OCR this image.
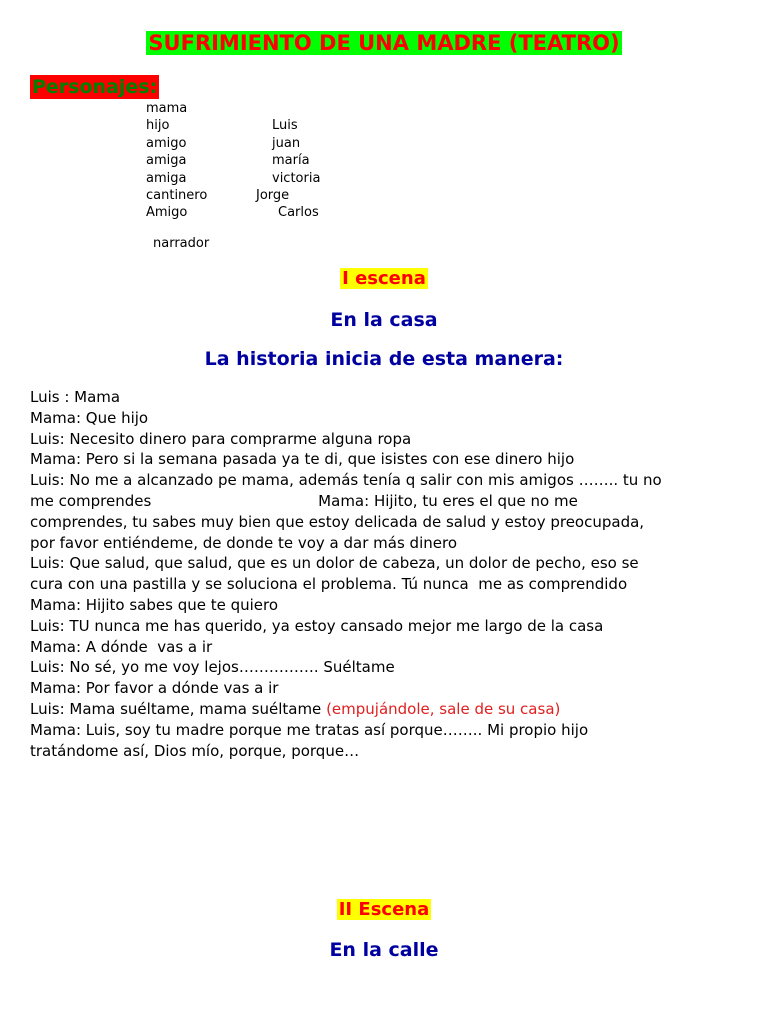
SUFRIMIENTO DE UNA MADRE (TEATRO)
Personajes:
mama
hijo
amigo
amiga
amiga
cantinero
Amigo
Luis
juan
maría
victoria
Jorge
Carlos
narrador
I escena
En la casa
La historia inicia de esta manera:
Luis : Mama
Mama: Que hijo
Luis: Necesito dinero para comprarme alguna ropa
Mama: Pero si la semana pasada ya te di, que isistes con ese dinero hijo
Luis: No me a alcanzado pe mama, además tenía q salir con mis amigos …….. tu no
me comprendes                                   Mama: Hijito, tu eres el que no me
comprendes, tu sabes muy bien que estoy delicada de salud y estoy preocupada,
por favor entiéndeme, de donde te voy a dar más dinero
Luis: Que salud, que salud, que es un dolor de cabeza, un dolor de pecho, eso se
cura con una pastilla y se soluciona el problema. Tú nunca  me as comprendido
Mama: Hijito sabes que te quiero
Luis: TU nunca me has querido, ya estoy cansado mejor me largo de la casa
Mama: A dónde  vas a ir
Luis: No sé, yo me voy lejos……………. Suéltame
Mama: Por favor a dónde vas a ir
Luis: Mama suéltame, mama suéltame (empujándole, sale de su casa)
Mama: Luis, soy tu madre porque me tratas así porque…….. Mi propio hijo
tratándome así, Dios mío, porque, porque…
II Escena
En la calle
